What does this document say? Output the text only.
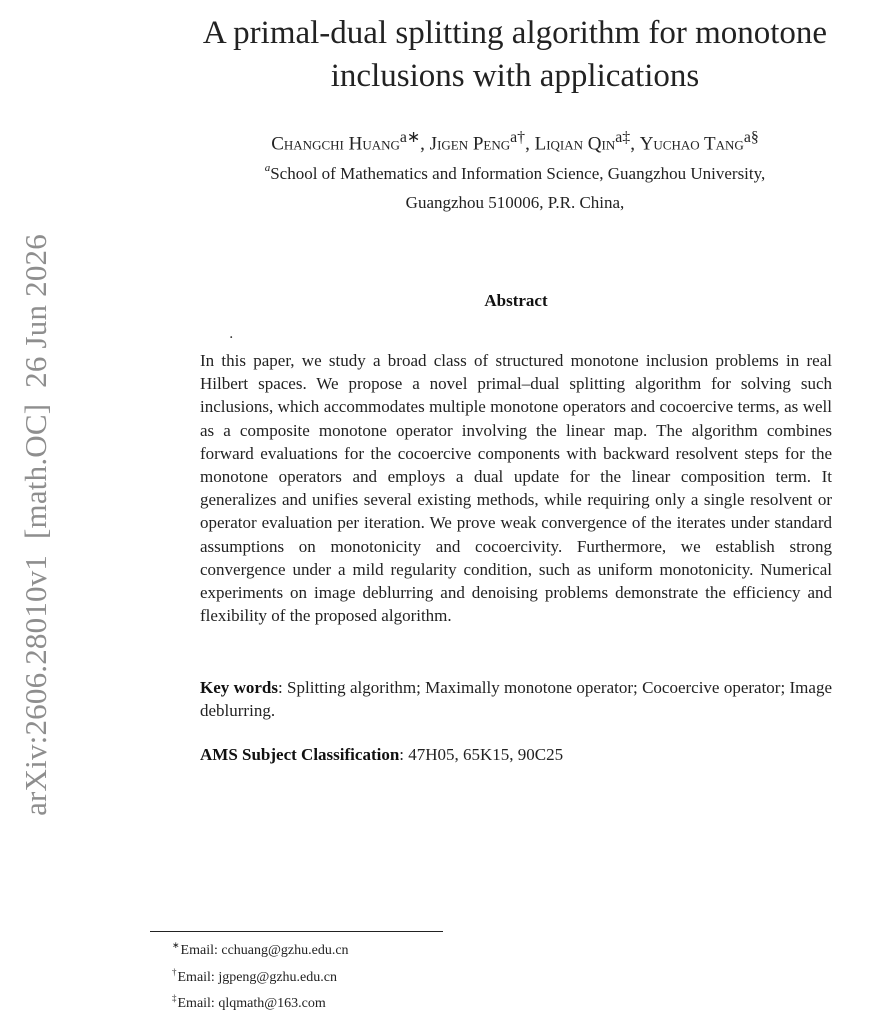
arXiv:2606.28010v1  [math.OC]  26 Jun 2026
A primal-dual splitting algorithm for monotone
inclusions with applications
Changchi Huang$^{a∗}$, Jigen Peng$^{a\dagger}$, Liqian Qin$^{a\ddagger}$, Yuchao Tang$^{a\S}$
$^a$School of Mathematics and Information Science, Guangzhou University,
Guangzhou 510006, P.R. China,
Abstract
.

In this paper, we study a broad class of structured monotone inclusion problems in real Hilbert spaces. We propose a novel primal–dual splitting algorithm for solving such inclusions, which accommodates multiple monotone operators and cocoercive terms, as well as a composite monotone operator involving the linear map. The algorithm combines forward evaluations for the cocoercive components with backward resolvent steps for the monotone operators and employs a dual update for the linear composition term. It generalizes and unifies several existing methods, while requiring only a single resolvent or operator evaluation per iteration. We prove weak convergence of the iterates under standard assumptions on monotonicity and cocoercivity. Furthermore, we establish strong convergence under a mild regularity condition, such as uniform monotonicity. Numerical experiments on image deblurring and denoising problems demonstrate the efficiency and flexibility of the proposed algorithm.

Key words: Splitting algorithm; Maximally monotone operator; Cocoercive operator; Image deblurring.

AMS Subject Classification: 47H05, 65K15, 90C25
∗Email: cchuang@gzhu.edu.cn
†Email: jgpeng@gzhu.edu.cn
‡Email: qlqmath@163.com
